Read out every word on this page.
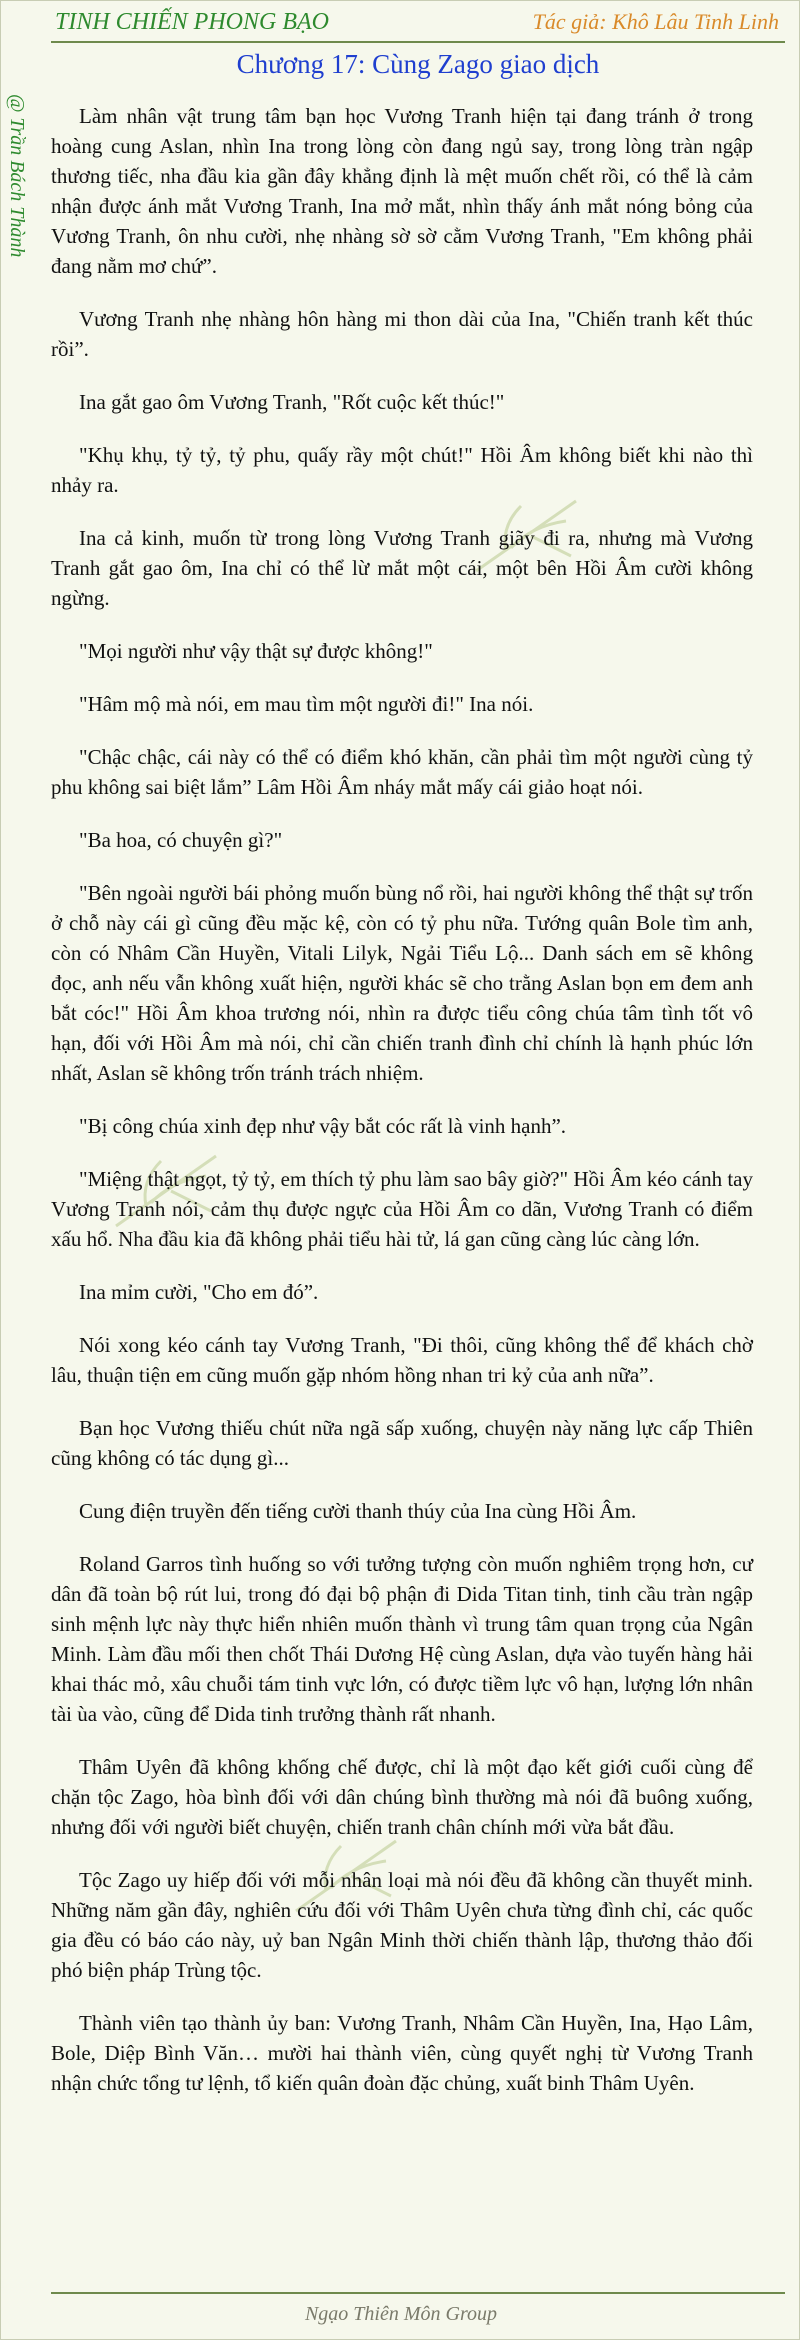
TINH CHIẾN PHONG BẠO	Tác giả: Khô Lâu Tinh Linh
@ Trần Bách Thành
Chương 17: Cùng Zago giao dịch

Làm nhân vật trung tâm bạn học Vương Tranh hiện tại đang tránh ở trong hoàng cung Aslan, nhìn Ina trong lòng còn đang ngủ say, trong lòng tràn ngập thương tiếc, nha đầu kia gần đây khẳng định là mệt muốn chết rồi, có thể là cảm nhận được ánh mắt Vương Tranh, Ina mở mắt, nhìn thấy ánh mắt nóng bỏng của Vương Tranh, ôn nhu cười, nhẹ nhàng sờ sờ cằm Vương Tranh, "Em không phải đang nằm mơ chứ”.

Vương Tranh nhẹ nhàng hôn hàng mi thon dài của Ina, "Chiến tranh kết thúc rồi”.

Ina gắt gao ôm Vương Tranh, "Rốt cuộc kết thúc!"

"Khụ khụ, tỷ tỷ, tỷ phu, quấy rầy một chút!" Hồi Âm không biết khi nào thì nhảy ra.

Ina cả kinh, muốn từ trong lòng Vương Tranh giãy đi ra, nhưng mà Vương Tranh gắt gao ôm, Ina chỉ có thể lừ mắt một cái, một bên Hồi Âm cười không ngừng.

"Mọi người như vậy thật sự được không!"

"Hâm mộ mà nói, em mau tìm một người đi!" Ina nói.

"Chậc chậc, cái này có thể có điểm khó khăn, cần phải tìm một người cùng tỷ phu không sai biệt lắm” Lâm Hồi Âm nháy mắt mấy cái giảo hoạt nói.

"Ba hoa, có chuyện gì?"

"Bên ngoài người bái phỏng muốn bùng nổ rồi, hai người không thể thật sự trốn ở chỗ này cái gì cũng đều mặc kệ, còn có tỷ phu nữa. Tướng quân Bole tìm anh, còn có Nhâm Cần Huyền, Vitali Lilyk, Ngải Tiểu Lộ... Danh sách em sẽ không đọc, anh nếu vẫn không xuất hiện, người khác sẽ cho trằng Aslan bọn em đem anh bắt cóc!" Hồi Âm khoa trương nói, nhìn ra được tiểu công chúa tâm tình tốt vô hạn, đối với Hồi Âm mà nói, chỉ cần chiến tranh đình chỉ chính là hạnh phúc lớn nhất, Aslan sẽ không trốn tránh trách nhiệm.

"Bị công chúa xinh đẹp như vậy bắt cóc rất là vinh hạnh”.

"Miệng thật ngọt, tỷ tỷ, em thích tỷ phu làm sao bây giờ?" Hồi Âm kéo cánh tay Vương Tranh nói, cảm thụ được ngực của Hồi Âm co dãn, Vương Tranh có điểm xấu hổ. Nha đầu kia đã không phải tiểu hài tử, lá gan cũng càng lúc càng lớn.

Ina mỉm cười, "Cho em đó”.

Nói xong kéo cánh tay Vương Tranh, "Đi thôi, cũng không thể để khách chờ lâu, thuận tiện em cũng muốn gặp nhóm hồng nhan tri kỷ của anh nữa”.

Bạn học Vương thiếu chút nữa ngã sấp xuống, chuyện này năng lực cấp Thiên cũng không có tác dụng gì...

Cung điện truyền đến tiếng cười thanh thúy của Ina cùng Hồi Âm.

Roland Garros tình huống so với tưởng tượng còn muốn nghiêm trọng hơn, cư dân đã toàn bộ rút lui, trong đó đại bộ phận đi Dida Titan tinh, tinh cầu tràn ngập sinh mệnh lực này thực hiển nhiên muốn thành vì trung tâm quan trọng của Ngân Minh. Làm đầu mối then chốt Thái Dương Hệ cùng Aslan, dựa vào tuyến hàng hải khai thác mỏ, xâu chuỗi tám tinh vực lớn, có được tiềm lực vô hạn, lượng lớn nhân tài ùa vào, cũng để Dida tinh trưởng thành rất nhanh.

Thâm Uyên đã không khống chế được, chỉ là một đạo kết giới cuối cùng để chặn tộc Zago, hòa bình đối với dân chúng bình thường mà nói đã buông xuống, nhưng đối với người biết chuyện, chiến tranh chân chính mới vừa bắt đầu.

Tộc Zago uy hiếp đối với mỗi nhân loại mà nói đều đã không cần thuyết minh. Những năm gần đây, nghiên cứu đối với Thâm Uyên chưa từng đình chỉ, các quốc gia đều có báo cáo này, uỷ ban Ngân Minh thời chiến thành lập, thương thảo đối phó biện pháp Trùng tộc.

Thành viên tạo thành ủy ban: Vương Tranh, Nhâm Cần Huyền, Ina, Hạo Lâm, Bole, Diệp Bình Văn… mười hai thành viên, cùng quyết nghị từ Vương Tranh nhận chức tổng tư lệnh, tổ kiến quân đoàn đặc chủng, xuất binh Thâm Uyên.

Ngạo Thiên Môn Group
